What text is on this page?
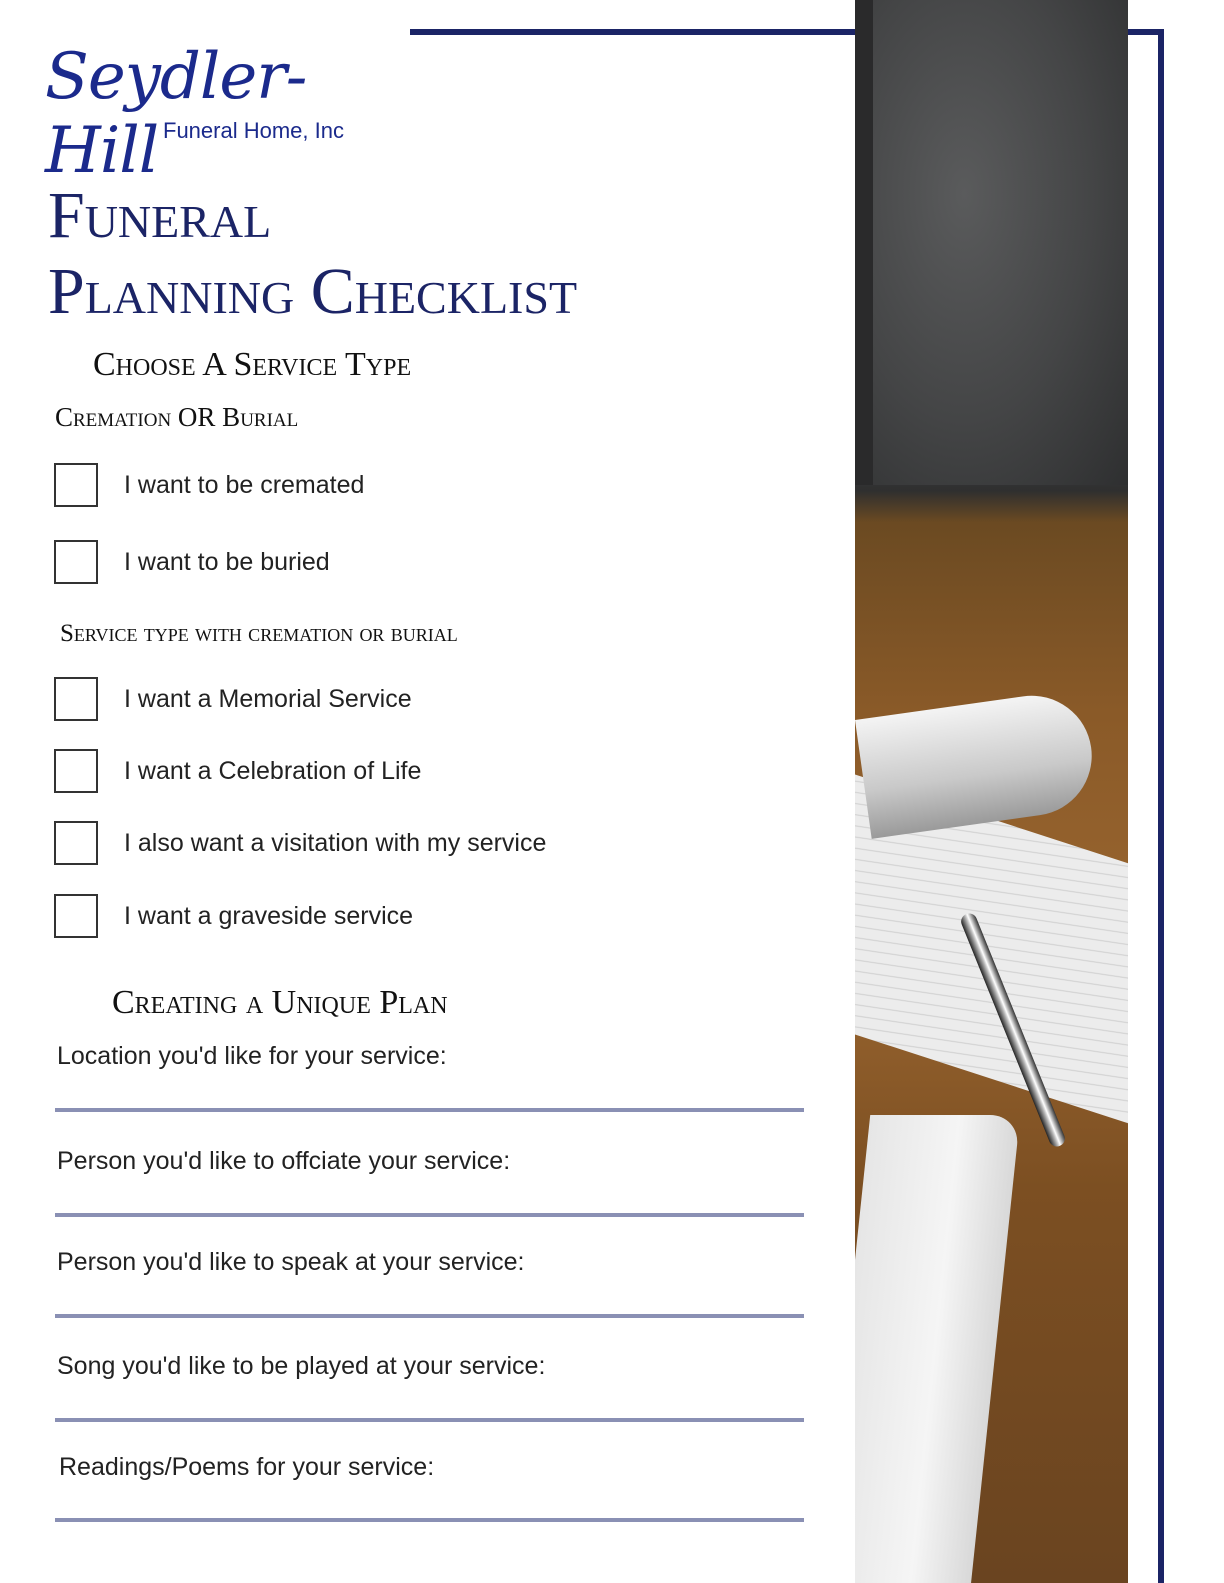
Seydler-Hill Funeral Home, Inc
Funeral
Planning Checklist
Choose A Service Type
Cremation OR Burial
I want to be cremated
I want to be buried
Service type with cremation or burial
I want a Memorial Service
I want a Celebration of Life
I also want a visitation with my service
I want a graveside service
Creating a Unique Plan
Location you'd like for your service:
Person you'd like to offciate your service:
Person you'd like to speak at your service:
Song you'd like to be played at your service:
Readings/Poems for your service:
